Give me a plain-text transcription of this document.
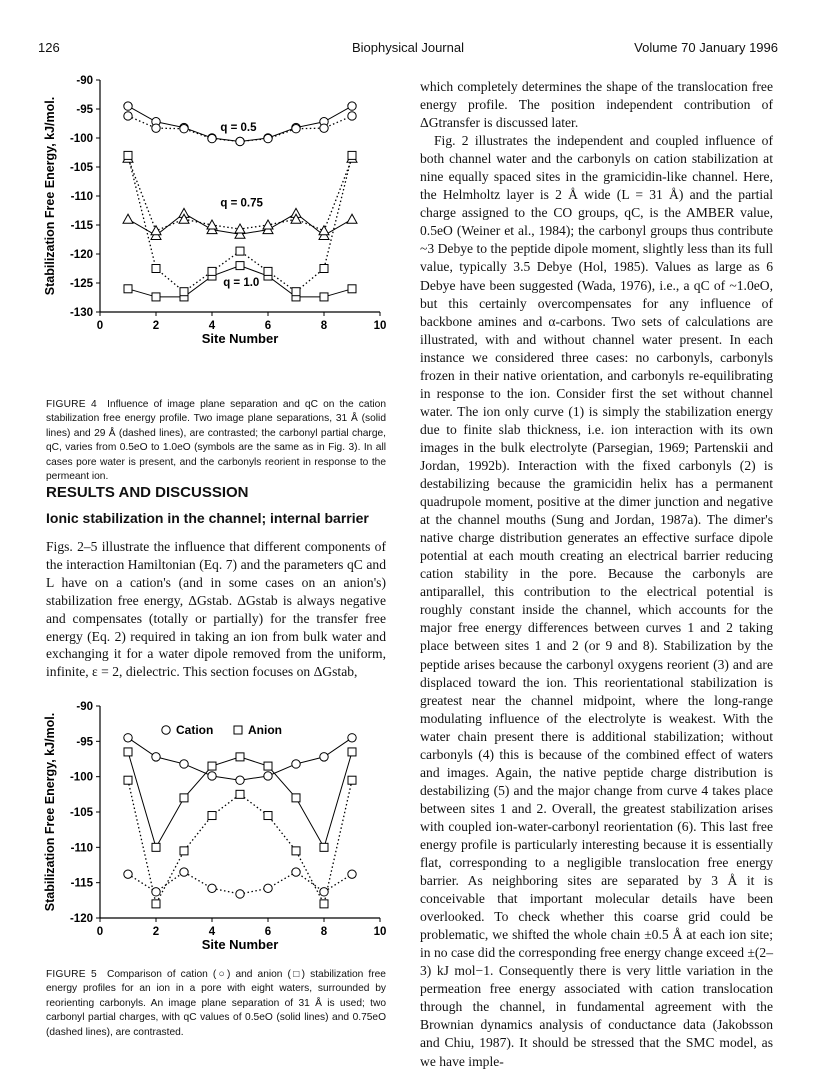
126	Biophysical Journal	Volume 70 January 1996
-90
-95
-100
-105
-110
-115
-120
-125
-130
0	2	4	6	8	10
Site Number
Stabilization Free Energy, kJ/mol.	q = 0.5
q = 0.75
q = 1.0
FIGURE 4 Influence of image plane separation and qC on the cation stabilization free energy profile. Two image plane separations, 31 Å (solid lines) and 29 Å (dashed lines), are contrasted; the carbonyl partial charge, qC, varies from 0.5eO to 1.0eO (symbols are the same as in Fig. 3). In all cases pore water is present, and the carbonyls reorient in response to the permeant ion.
RESULTS AND DISCUSSION
Ionic stabilization in the channel; internal barrier

Figs. 2–5 illustrate the influence that different components of the interaction Hamiltonian (Eq. 7) and the parameters qC and L have on a cation's (and in some cases on an anion's) stabilization free energy, ΔGstab. ΔGstab is always negative and compensates (totally or partially) for the transfer free energy (Eq. 2) required in taking an ion from bulk water and exchanging it for a water dipole removed from the uniform, infinite, ε = 2, dielectric. This section focuses on ΔGstab,

-90
-95
-100
-105
-110
-115
-120
0	2	4	6	8	10
Site Number
Stabilization Free Energy, kJ/mol.	Cation	Anion
FIGURE 5 Comparison of cation (○) and anion (□) stabilization free energy profiles for an ion in a pore with eight waters, surrounded by reorienting carbonyls. An image plane separation of 31 Å is used; two carbonyl partial charges, with qC values of 0.5eO (solid lines) and 0.75eO (dashed lines), are contrasted.

which completely determines the shape of the translocation free energy profile. The position independent contribution of ΔGtransfer is discussed later.

Fig. 2 illustrates the independent and coupled influence of both channel water and the carbonyls on cation stabilization at nine equally spaced sites in the gramicidin-like channel. Here, the Helmholtz layer is 2 Å wide (L = 31 Å) and the partial charge assigned to the CO groups, qC, is the AMBER value, 0.5eO (Weiner et al., 1984); the carbonyl groups thus contribute ~3 Debye to the peptide dipole moment, slightly less than its full value, typically 3.5 Debye (Hol, 1985). Values as large as 6 Debye have been suggested (Wada, 1976), i.e., a qC of ~1.0eO, but this certainly overcompensates for any influence of backbone amines and α-carbons. Two sets of calculations are illustrated, with and without channel water present. In each instance we considered three cases: no carbonyls, carbonyls frozen in their native orientation, and carbonyls re-equilibrating in response to the ion. Consider first the set without channel water. The ion only curve (1) is simply the stabilization energy due to finite slab thickness, i.e. ion interaction with its own images in the bulk electrolyte (Parsegian, 1969; Partenskii and Jordan, 1992b). Interaction with the fixed carbonyls (2) is destabilizing because the gramicidin helix has a permanent quadrupole moment, positive at the dimer junction and negative at the channel mouths (Sung and Jordan, 1987a). The dimer's native charge distribution generates an effective surface dipole potential at each mouth creating an electrical barrier reducing cation stability in the pore. Because the carbonyls are antiparallel, this contribution to the electrical potential is roughly constant inside the channel, which accounts for the major free energy differences between curves 1 and 2 taking place between sites 1 and 2 (or 9 and 8). Stabilization by the peptide arises because the carbonyl oxygens reorient (3) and are displaced toward the ion. This reorientational stabilization is greatest near the channel midpoint, where the long-range modulating influence of the electrolyte is weakest. With the water chain present there is additional stabilization; without carbonyls (4) this is because of the combined effect of waters and images. Again, the native peptide charge distribution is destabilizing (5) and the major change from curve 4 takes place between sites 1 and 2. Overall, the greatest stabilization arises with coupled ion-water-carbonyl reorientation (6). This last free energy profile is particularly interesting because it is essentially flat, corresponding to a negligible translocation free energy barrier. As neighboring sites are separated by 3 Å it is conceivable that important molecular details have been overlooked. To check whether this coarse grid could be problematic, we shifted the whole chain ±0.5 Å at each ion site; in no case did the corresponding free energy change exceed ±(2–3) kJ mol−1. Consequently there is very little variation in the permeation free energy associated with cation translocation through the channel, in fundamental agreement with the Brownian dynamics analysis of conductance data (Jakobsson and Chiu, 1987). It should be stressed that the SMC model, as we have imple-
